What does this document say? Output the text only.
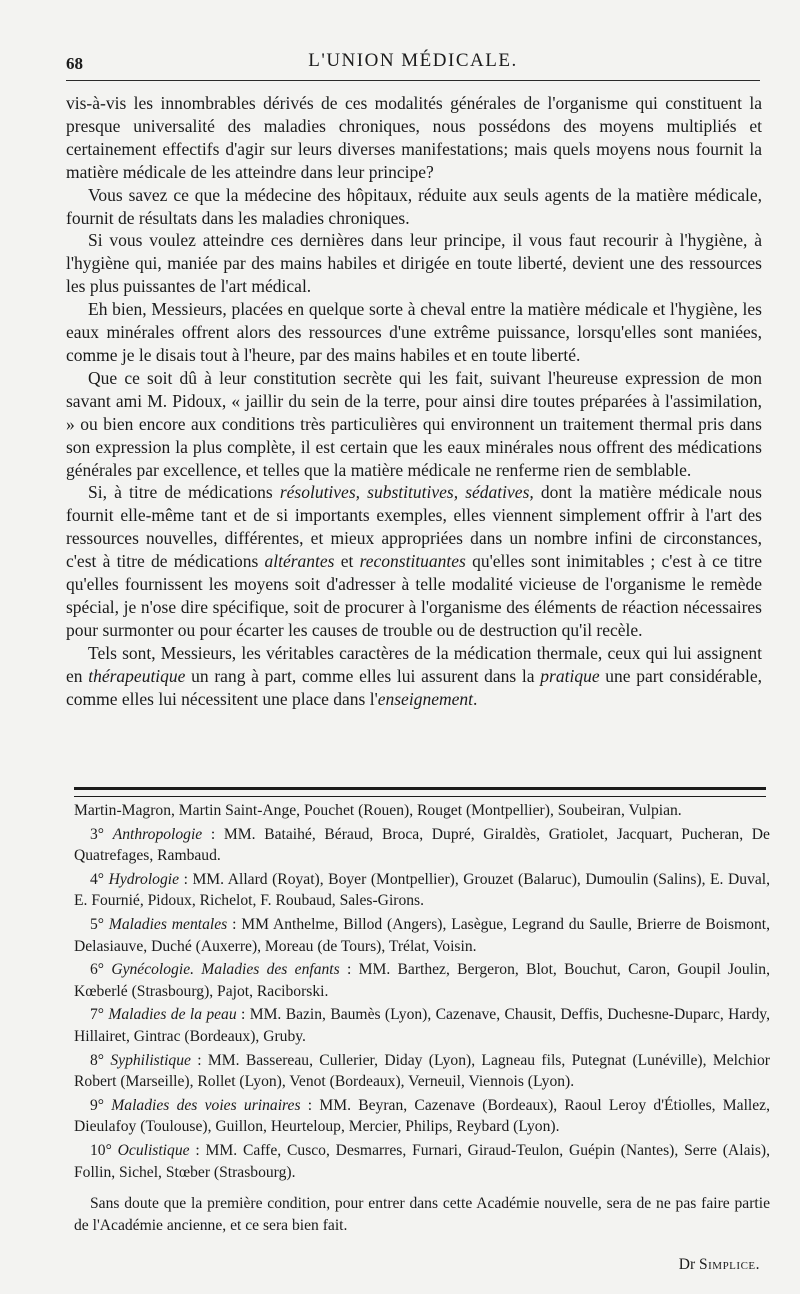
68	L'UNION MÉDICALE.

vis-à-vis les innombrables dérivés de ces modalités générales de l'organisme qui constituent la presque universalité des maladies chroniques, nous possédons des moyens multipliés et certainement effectifs d'agir sur leurs diverses manifestations; mais quels moyens nous fournit la matière médicale de les atteindre dans leur principe?

Vous savez ce que la médecine des hôpitaux, réduite aux seuls agents de la matière médicale, fournit de résultats dans les maladies chroniques.

Si vous voulez atteindre ces dernières dans leur principe, il vous faut recourir à l'hygiène, à l'hygiène qui, maniée par des mains habiles et dirigée en toute liberté, devient une des ressources les plus puissantes de l'art médical.

Eh bien, Messieurs, placées en quelque sorte à cheval entre la matière médicale et l'hygiène, les eaux minérales offrent alors des ressources d'une extrême puissance, lorsqu'elles sont maniées, comme je le disais tout à l'heure, par des mains habiles et en toute liberté.

Que ce soit dû à leur constitution secrète qui les fait, suivant l'heureuse expression de mon savant ami M. Pidoux, « jaillir du sein de la terre, pour ainsi dire toutes préparées à l'assimilation, » ou bien encore aux conditions très particulières qui environnent un traitement thermal pris dans son expression la plus complète, il est certain que les eaux minérales nous offrent des médications générales par excellence, et telles que la matière médicale ne renferme rien de semblable.

Si, à titre de médications résolutives, substitutives, sédatives, dont la matière médicale nous fournit elle-même tant et de si importants exemples, elles viennent simplement offrir à l'art des ressources nouvelles, différentes, et mieux appropriées dans un nombre infini de circonstances, c'est à titre de médications altérantes et reconstituantes qu'elles sont inimitables ; c'est à ce titre qu'elles fournissent les moyens soit d'adresser à telle modalité vicieuse de l'organisme le remède spécial, je n'ose dire spécifique, soit de procurer à l'organisme des éléments de réaction nécessaires pour surmonter ou pour écarter les causes de trouble ou de destruction qu'il recèle.

Tels sont, Messieurs, les véritables caractères de la médication thermale, ceux qui lui assignent en thérapeutique un rang à part, comme elles lui assurent dans la pratique une part considérable, comme elles lui nécessitent une place dans l'enseignement.

Martin-Magron, Martin Saint-Ange, Pouchet (Rouen), Rouget (Montpellier), Soubeiran, Vulpian.

3° Anthropologie : MM. Bataihé, Béraud, Broca, Dupré, Giraldès, Gratiolet, Jacquart, Pucheran, De Quatrefages, Rambaud.

4° Hydrologie : MM. Allard (Royat), Boyer (Montpellier), Grouzet (Balaruc), Dumoulin (Salins), E. Duval, E. Fournié, Pidoux, Richelot, F. Roubaud, Sales-Girons.

5° Maladies mentales : MM Anthelme, Billod (Angers), Lasègue, Legrand du Saulle, Brierre de Boismont, Delasiauve, Duché (Auxerre), Moreau (de Tours), Trélat, Voisin.

6° Gynécologie. Maladies des enfants : MM. Barthez, Bergeron, Blot, Bouchut, Caron, Goupil Joulin, Kœberlé (Strasbourg), Pajot, Raciborski.

7° Maladies de la peau : MM. Bazin, Baumès (Lyon), Cazenave, Chausit, Deffis, Duchesne-Duparc, Hardy, Hillairet, Gintrac (Bordeaux), Gruby.

8° Syphilistique : MM. Bassereau, Cullerier, Diday (Lyon), Lagneau fils, Putegnat (Lunéville), Melchior Robert (Marseille), Rollet (Lyon), Venot (Bordeaux), Verneuil, Viennois (Lyon).

9° Maladies des voies urinaires : MM. Beyran, Cazenave (Bordeaux), Raoul Leroy d'Étiolles, Mallez, Dieulafoy (Toulouse), Guillon, Heurteloup, Mercier, Philips, Reybard (Lyon).

10° Oculistique : MM. Caffe, Cusco, Desmarres, Furnari, Giraud-Teulon, Guépin (Nantes), Serre (Alais), Follin, Sichel, Stœber (Strasbourg).

Sans doute que la première condition, pour entrer dans cette Académie nouvelle, sera de ne pas faire partie de l'Académie ancienne, et ce sera bien fait.

Dr Simplice.
